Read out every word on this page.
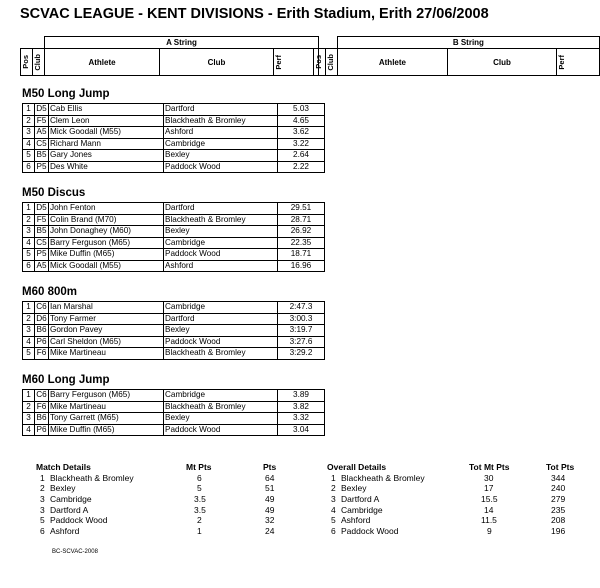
SCVAC LEAGUE - KENT DIVISIONS - Erith Stadium, Erith 27/06/2008
		A String		

Pos	Club	Athlete	Club	Perf
		B String		

Pos	Club	Athlete	Club	Perf
M50 Long Jump
1	D5	Cab Ellis	Dartford	5.03
2	F5	Clem Leon	Blackheath & Bromley	4.65
3	A5	Mick Goodall (M55)	Ashford	3.62
4	C5	Richard Mann	Cambridge	3.22
5	B5	Gary Jones	Bexley	2.64
6	P5	Des White	Paddock Wood	2.22
M50 Discus
1	D5	John Fenton	Dartford	29.51
2	F5	Colin Brand (M70)	Blackheath & Bromley	28.71
3	B5	John Donaghey (M60)	Bexley	26.92
4	C5	Barry Ferguson (M65)	Cambridge	22.35
5	P5	Mike Duffin (M65)	Paddock Wood	18.71
6	A5	Mick Goodall (M55)	Ashford	16.96
M60 800m
1	C6	Ian Marshal	Cambridge	2:47.3
2	D6	Tony Farmer	Dartford	3:00.3
3	B6	Gordon Pavey	Bexley	3:19.7
4	P6	Carl Sheldon (M65)	Paddock Wood	3:27.6
5	F6	Mike Martineau	Blackheath & Bromley	3:29.2
M60 Long Jump
1	C6	Barry Ferguson (M65)	Cambridge	3.89
2	F6	Mike Martineau	Blackheath & Bromley	3.82
3	B6	Tony Garrett (M65)	Bexley	3.32
4	P6	Mike Duffin (M65)	Paddock Wood	3.04
Match Details	Mt Pts	Pts
1 Blackheath & Bromley	6	64
2 Bexley	5	51
3 Cambridge	3.5	49
3 Dartford A	3.5	49
5 Paddock Wood	2	32
6 Ashford	1	24
Overall Details	Tot Mt Pts	Tot Pts
1 Blackheath & Bromley	30	344
2 Bexley	17	240
3 Dartford A	15.5	279
4 Cambridge	14	235
5 Ashford	11.5	208
6 Paddock Wood	9	196
BC-SCVAC-2008
